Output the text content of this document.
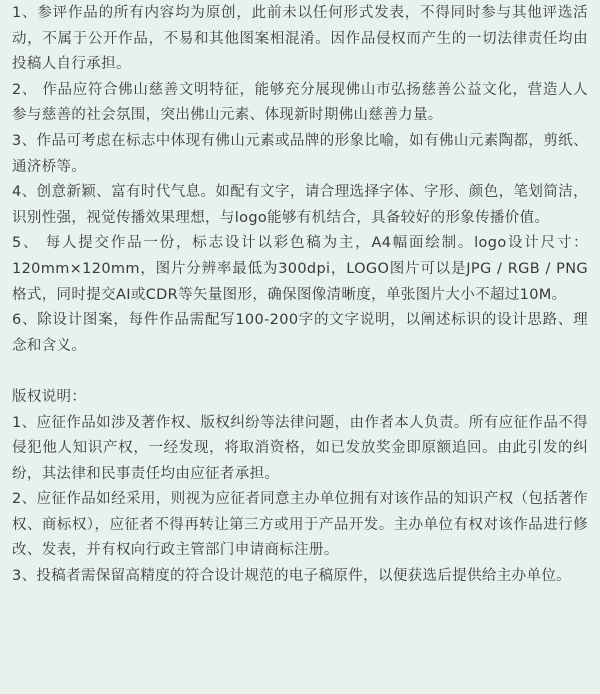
1、参评作品的所有内容均为原创，此前未以任何形式发表，不得同时参与其他评选活动，不属于公开作品，不易和其他图案相混淆。因作品侵权而产生的一切法律责任均由投稿人自行承担。

2、 作品应符合佛山慈善文明特征，能够充分展现佛山市弘扬慈善公益文化，营造人人参与慈善的社会氛围，突出佛山元素、体现新时期佛山慈善力量。

3、作品可考虑在标志中体现有佛山元素或品牌的形象比喻，如有佛山元素陶都，剪纸、通济桥等。

4、创意新颖、富有时代气息。如配有文字，请合理选择字体、字形、颜色，笔划简洁，识别性强，视觉传播效果理想，与logo能够有机结合，具备较好的形象传播价值。

5、 每人提交作品一份，标志设计以彩色稿为主，A4幅面绘制。logo设计尺寸：120mm×120mm，图片分辨率最低为300dpi，LOGO图片可以是JPG / RGB / PNG格式，同时提交AI或CDR等矢量图形，确保图像清晰度，单张图片大小不超过10M。

6、除设计图案，每件作品需配写100-200字的文字说明，以阐述标识的设计思路、理念和含义。

版权说明：

1、应征作品如涉及著作权、版权纠纷等法律问题，由作者本人负责。所有应征作品不得侵犯他人知识产权，一经发现，将取消资格，如已发放奖金即原额追回。由此引发的纠纷，其法律和民事责任均由应征者承担。

2、应征作品如经采用，则视为应征者同意主办单位拥有对该作品的知识产权（包括著作权、商标权），应征者不得再转让第三方或用于产品开发。主办单位有权对该作品进行修改、发表，并有权向行政主管部门申请商标注册。

3、投稿者需保留高精度的符合设计规范的电子稿原件，以便获选后提供给主办单位。
